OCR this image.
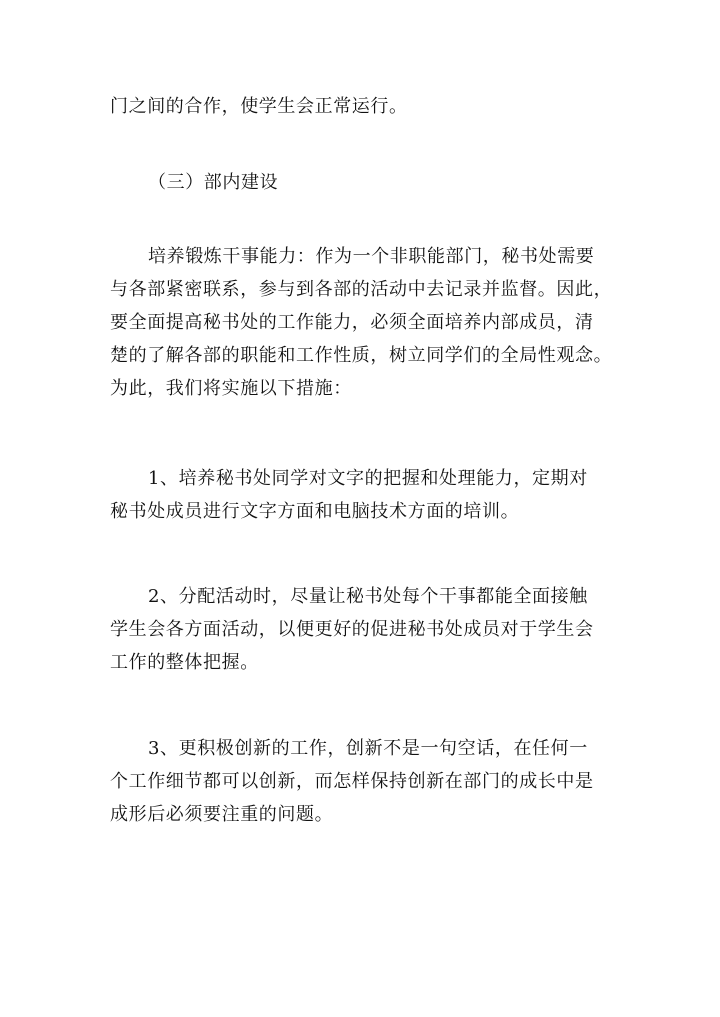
门之间的合作，使学生会正常运行。
（三）部内建设
培养锻炼干事能力：作为一个非职能部门，秘书处需要
与各部紧密联系，参与到各部的活动中去记录并监督。因此，
要全面提高秘书处的工作能力，必须全面培养内部成员，清
楚的了解各部的职能和工作性质，树立同学们的全局性观念。
为此，我们将实施以下措施：
1、培养秘书处同学对文字的把握和处理能力，定期对
秘书处成员进行文字方面和电脑技术方面的培训。
2、分配活动时，尽量让秘书处每个干事都能全面接触
学生会各方面活动，以便更好的促进秘书处成员对于学生会
工作的整体把握。
3、更积极创新的工作，创新不是一句空话，在任何一
个工作细节都可以创新，而怎样保持创新在部门的成长中是
成形后必须要注重的问题。
